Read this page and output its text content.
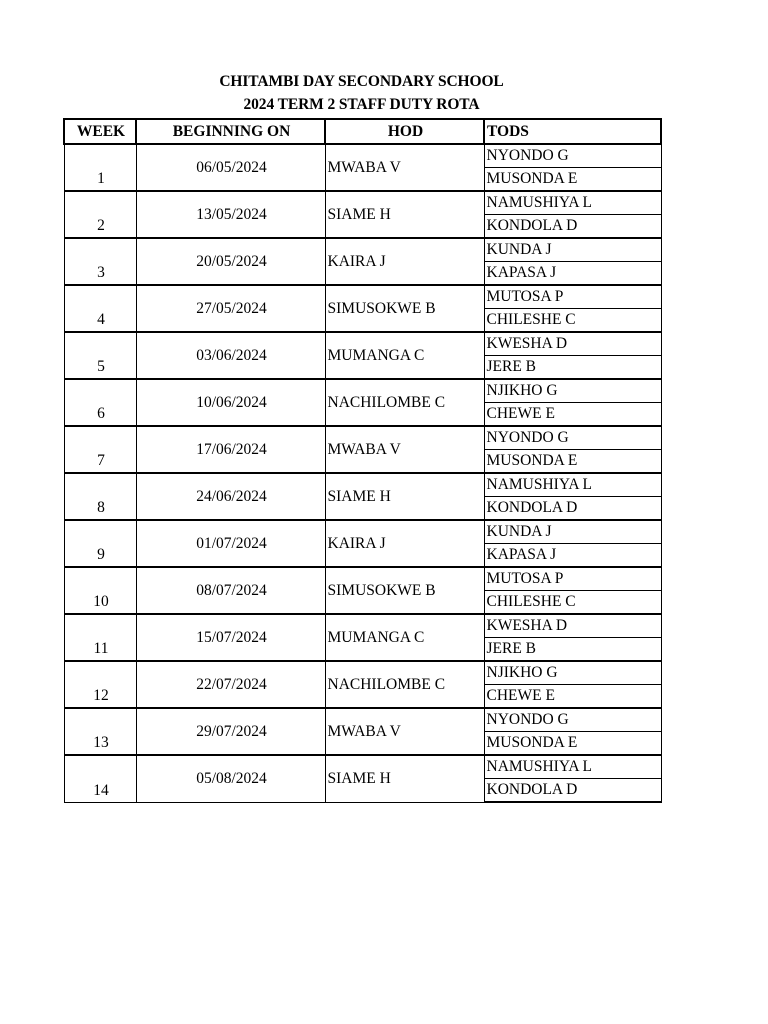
CHITAMBI DAY SECONDARY SCHOOL
2024 TERM 2 STAFF DUTY ROTA
WEEK	BEGINNING ON	HOD	TODS
1	06/05/2024	MWABA V	NYONDO G
			MUSONDA E
2	13/05/2024	SIAME H	NAMUSHIYA L
			KONDOLA D
3	20/05/2024	KAIRA J	KUNDA J
			KAPASA J
4	27/05/2024	SIMUSOKWE B	MUTOSA P
			CHILESHE C
5	03/06/2024	MUMANGA C	KWESHA D
			JERE B
6	10/06/2024	NACHILOMBE C	NJIKHO G
			CHEWE E
7	17/06/2024	MWABA V	NYONDO G
			MUSONDA E
8	24/06/2024	SIAME H	NAMUSHIYA L
			KONDOLA D
9	01/07/2024	KAIRA J	KUNDA J
			KAPASA J
10	08/07/2024	SIMUSOKWE B	MUTOSA P
			CHILESHE C
11	15/07/2024	MUMANGA C	KWESHA D
			JERE B
12	22/07/2024	NACHILOMBE C	NJIKHO G
			CHEWE E
13	29/07/2024	MWABA V	NYONDO G
			MUSONDA E
14	05/08/2024	SIAME H	NAMUSHIYA L
			KONDOLA D
